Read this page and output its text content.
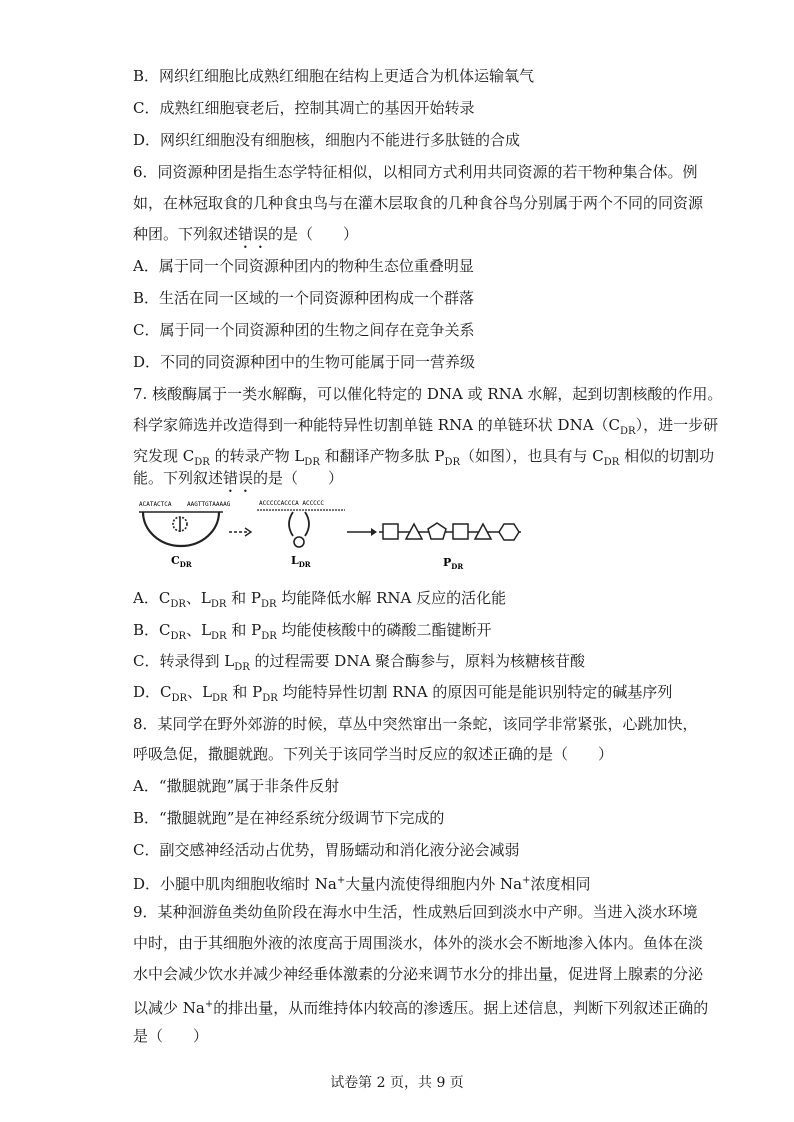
B．网织红细胞比成熟红细胞在结构上更适合为机体运输氧气
C．成熟红细胞衰老后，控制其凋亡的基因开始转录
D．网织红细胞没有细胞核，细胞内不能进行多肽链的合成
6．同资源种团是指生态学特征相似，以相同方式利用共同资源的若干物种集合体。例
如，在林冠取食的几种食虫鸟与在灌木层取食的几种食谷鸟分别属于两个不同的同资源
种团。下列叙述错误的是（　　）
A．属于同一个同资源种团内的物种生态位重叠明显
B．生活在同一区域的一个同资源种团构成一个群落
C．属于同一个同资源种团的生物之间存在竞争关系
D．不同的同资源种团中的生物可能属于同一营养级
7. 核酸酶属于一类水解酶，可以催化特定的 DNA 或 RNA 水解，起到切割核酸的作用。
科学家筛选并改造得到一种能特异性切割单链 RNA 的单链环状 $DNA(C_{DR})$，进一步研
究发现 $C_{DR}$ 的转录产物 $L_{DR}$ 和翻译产物多肽 $P_{DR}$（如图），也具有与 $C_{DR}$ 相似的切割功
能。下列叙述错误的是（　　）
ACATACTCA	AAGTTGTAAAAG
$C_{DR}$
ACCCCCACCCA ACCCCC
$L_{DR}$	$P_{DR}$
A．$C_{DR}$、$L_{DR}$ 和 $P_{DR}$ 均能降低水解 RNA 反应的活化能
B．$C_{DR}$、$L_{DR}$ 和 $P_{DR}$ 均能使核酸中的磷酸二酯键断开
C．转录得到 $L_{DR}$ 的过程需要 DNA 聚合酶参与，原料为核糖核苷酸
D．$C_{DR}$、$L_{DR}$ 和 $P_{DR}$ 均能特异性切割 RNA 的原因可能是能识别特定的碱基序列
8．某同学在野外郊游的时候，草丛中突然窜出一条蛇，该同学非常紧张，心跳加快，
呼吸急促，撒腿就跑。下列关于该同学当时反应的叙述正确的是（　　）
A．“撒腿就跑”属于非条件反射
B．“撒腿就跑”是在神经系统分级调节下完成的
C．副交感神经活动占优势，胃肠蠕动和消化液分泌会减弱
D．小腿中肌肉细胞收缩时 Na+大量内流使得细胞内外 Na+浓度相同
9．某种洄游鱼类幼鱼阶段在海水中生活，性成熟后回到淡水中产卵。当进入淡水环境
中时，由于其细胞外液的浓度高于周围淡水，体外的淡水会不断地渗入体内。鱼体在淡
水中会减少饮水并减少神经垂体激素的分泌来调节水分的排出量，促进肾上腺素的分泌
以减少 Na+的排出量，从而维持体内较高的渗透压。据上述信息，判断下列叙述正确的
是（　　）
试卷第 2 页，共 9 页
